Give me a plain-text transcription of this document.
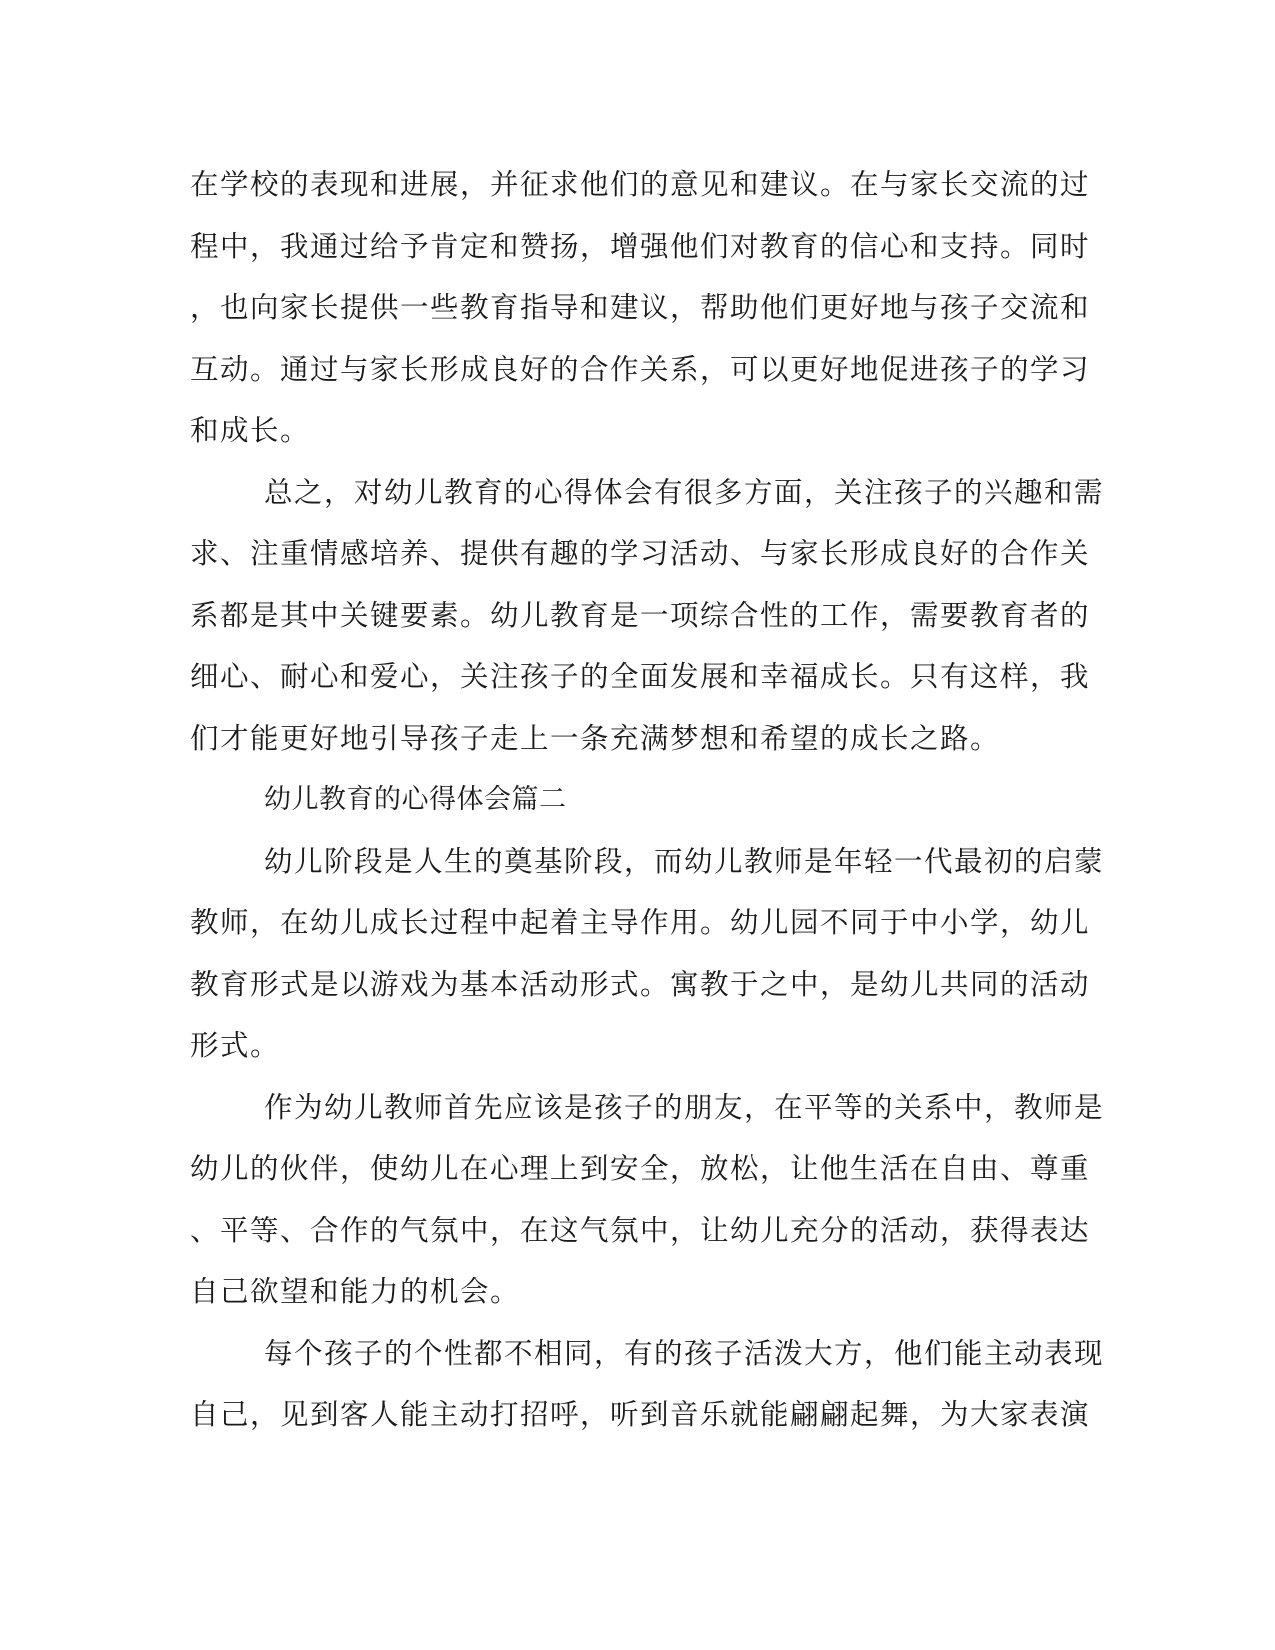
在学校的表现和进展，并征求他们的意见和建议。在与家长交流的过
程中，我通过给予肯定和赞扬，增强他们对教育的信心和支持。同时
，也向家长提供一些教育指导和建议，帮助他们更好地与孩子交流和
互动。通过与家长形成良好的合作关系，可以更好地促进孩子的学习
和成长。
总之，对幼儿教育的心得体会有很多方面，关注孩子的兴趣和需
求、注重情感培养、提供有趣的学习活动、与家长形成良好的合作关
系都是其中关键要素。幼儿教育是一项综合性的工作，需要教育者的
细心、耐心和爱心，关注孩子的全面发展和幸福成长。只有这样，我
们才能更好地引导孩子走上一条充满梦想和希望的成长之路。
幼儿教育的心得体会篇二
幼儿阶段是人生的奠基阶段，而幼儿教师是年轻一代最初的启蒙
教师，在幼儿成长过程中起着主导作用。幼儿园不同于中小学，幼儿
教育形式是以游戏为基本活动形式。寓教于之中，是幼儿共同的活动
形式。
作为幼儿教师首先应该是孩子的朋友，在平等的关系中，教师是
幼儿的伙伴，使幼儿在心理上到安全，放松，让他生活在自由、尊重
、平等、合作的气氛中，在这气氛中，让幼儿充分的活动，获得表达
自己欲望和能力的机会。
每个孩子的个性都不相同，有的孩子活泼大方，他们能主动表现
自己，见到客人能主动打招呼，听到音乐就能翩翩起舞，为大家表演
